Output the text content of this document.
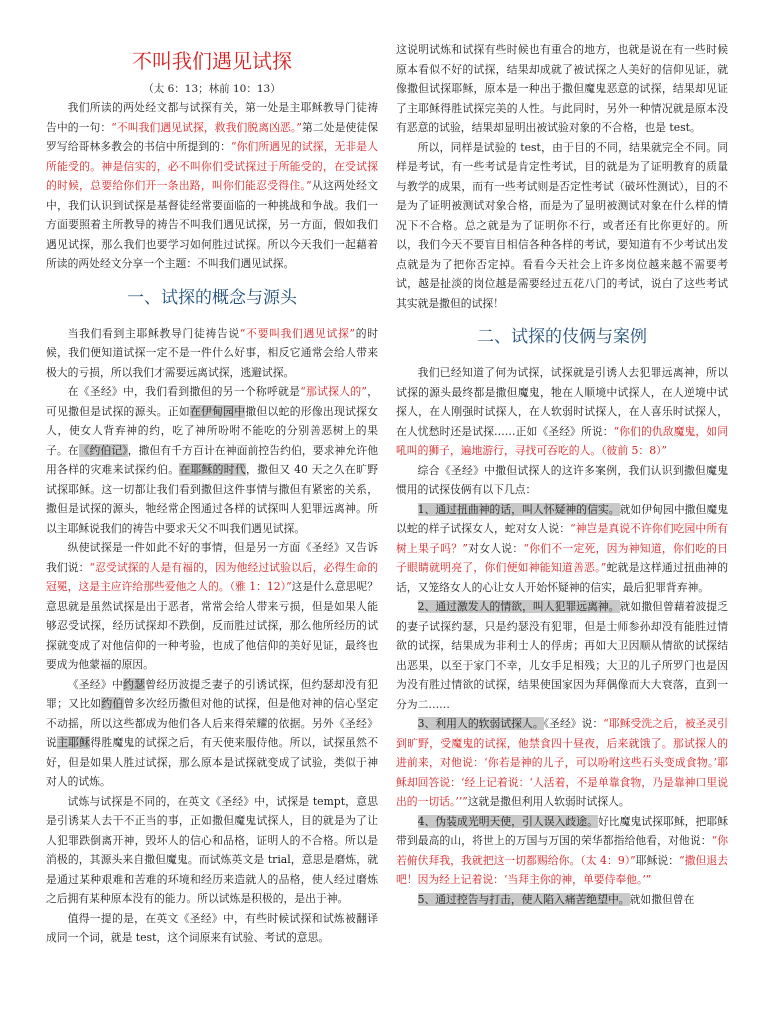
不叫我们遇见试探
（太 6：13；林前 10：13）

我们所读的两处经文都与试探有关，第一处是主耶稣教导门徒祷告中的一句：“不叫我们遇见试探，救我们脱离凶恶。”第二处是使徒保罗写给哥林多教会的书信中所提到的：“你们所遇见的试探，无非是人所能受的。神是信实的，必不叫你们受试探过于所能受的，在受试探的时候，总要给你们开一条出路，叫你们能忍受得住。”从这两处经文中，我们认识到试探是基督徒经常要面临的一种挑战和争战。我们一方面要照着主所教导的祷告不叫我们遇见试探，另一方面，假如我们遇见试探，那么我们也要学习如何胜过试探。所以今天我们一起藉着所读的两处经文分享一个主题：不叫我们遇见试探。

一、试探的概念与源头

当我们看到主耶稣教导门徒祷告说“不要叫我们遇见试探”的时候，我们便知道试探一定不是一件什么好事，相反它通常会给人带来极大的亏损，所以我们才需要远离试探，逃避试探。

在《圣经》中，我们看到撒但的另一个称呼就是“那试探人的”，可见撒但是试探的源头。正如在伊甸园中撒但以蛇的形像出现试探女人，使女人背弃神的约，吃了神所吩咐不能吃的分别善恶树上的果子。在《约伯记》，撒但有千方百计在神面前控告约伯，要求神允许他用各样的灾难来试探约伯。在耶稣的时代，撒但又 40 天之久在旷野试探耶稣。这一切都让我们看到撒但这件事情与撒但有紧密的关系，撒但是试探的源头，牠经常企图通过各样的试探叫人犯罪远离神。所以主耶稣说我们的祷告中要求天父不叫我们遇见试探。

纵使试探是一件如此不好的事情，但是另一方面《圣经》又告诉我们说：“忍受试探的人是有福的，因为他经过试验以后，必得生命的冠冕，这是主应许给那些爱他之人的。（雅 1：12）”这是什么意思呢？意思就是虽然试探是出于恶者，常常会给人带来亏损，但是如果人能够忍受试探，经历试探却不跌倒，反而胜过试探，那么他所经历的试探就变成了对他信仰的一种考验，也成了他信仰的美好见证，最终也要成为他蒙福的原因。

《圣经》中约瑟曾经历波提乏妻子的引诱试探，但约瑟却没有犯罪；又比如约伯曾多次经历撒但对他的试探，但是他对神的信心坚定不动摇，所以这些都成为他们各人后来得荣耀的依据。另外《圣经》说主耶稣得胜魔鬼的试探之后，有天使来服侍他。所以，试探虽然不好，但是如果人胜过试探，那么原本是试探就变成了试验，类似于神对人的试炼。

试炼与试探是不同的，在英文《圣经》中，试探是 tempt，意思是引诱某人去干不正当的事，正如撒但魔鬼试探人，目的就是为了让人犯罪跌倒离开神，毁坏人的信心和品格，证明人的不合格。所以是消极的，其源头来自撒但魔鬼。而试炼英文是 trial，意思是磨炼，就是通过某种艰难和苦难的环境和经历来造就人的品格，使人经过磨炼之后拥有某种原本没有的能力。所以试炼是积极的，是出于神。

值得一提的是，在英文《圣经》中，有些时候试探和试炼被翻译成同一个词，就是 test，这个词原来有试验、考试的意思。

这说明试炼和试探有些时候也有重合的地方，也就是说在有一些时候原本看似不好的试探，结果却成就了被试探之人美好的信仰见证，就像撒但试探耶稣，原本是一种出于撒但魔鬼恶意的试探，结果却见证了主耶稣得胜试探完美的人性。与此同时，另外一种情况就是原本没有恶意的试验，结果却显明出被试验对象的不合格，也是 test。

所以，同样是试验的 test，由于目的不同，结果就完全不同。同样是考试，有一些考试是肯定性考试，目的就是为了证明教育的质量与教学的成果，而有一些考试则是否定性考试（破坏性测试），目的不是为了证明被测试对象合格，而是为了显明被测试对象在什么样的情况下不合格。总之就是为了证明你不行，或者还有比你更好的。所以，我们今天不要盲目相信各种各样的考试，要知道有不少考试出发点就是为了把你否定掉。看看今天社会上许多岗位越来越不需要考试，越是扯淡的岗位越是需要经过五花八门的考试，说白了这些考试其实就是撒但的试探！

二、试探的伎俩与案例

我们已经知道了何为试探，试探就是引诱人去犯罪远离神，所以试探的源头最终都是撒但魔鬼，牠在人顺境中试探人，在人逆境中试探人，在人刚强时试探人，在人软弱时试探人，在人喜乐时试探人，在人忧愁时还是试探……正如《圣经》所说：“你们的仇敌魔鬼，如同吼叫的狮子，遍地游行，寻找可吞吃的人。（彼前 5：8）”

综合《圣经》中撒但试探人的这许多案例，我们认识到撒但魔鬼惯用的试探伎俩有以下几点：

1、通过扭曲神的话，叫人怀疑神的信实。就如伊甸园中撒但魔鬼以蛇的样子试探女人，蛇对女人说：“神岂是真说不许你们吃园中所有树上果子吗？”对女人说：“你们不一定死，因为神知道，你们吃的日子眼睛就明亮了，你们便如神能知道善恶。”蛇就是这样通过扭曲神的话，又笼络女人的心让女人开始怀疑神的信实，最后犯罪背弃神。

2、通过激发人的情欲，叫人犯罪远离神。就如撒但曾藉着波提乏的妻子试探约瑟，只是约瑟没有犯罪，但是士师参孙却没有能胜过情欲的试探，结果成为非利士人的俘虏；再如大卫因顺从情欲的试探结出恶果，以至于家门不幸，儿女手足相残；大卫的儿子所罗门也是因为没有胜过情欲的试探，结果使国家因为拜偶像而大大衰落，直到一分为二……

3、利用人的软弱试探人。《圣经》说：“耶稣受洗之后，被圣灵引到旷野，受魔鬼的试探，他禁食四十昼夜，后来就饿了。那试探人的进前来，对他说：‘你若是神的儿子，可以吩咐这些石头变成食物。’耶稣却回答说：‘经上记着说：‘人活着，不是单靠食物，乃是靠神口里说出的一切话。’’”这就是撒但利用人软弱时试探人。

4、伪装成光明天使，引人误入歧途。好比魔鬼试探耶稣，把耶稣带到最高的山，将世上的万国与万国的荣华都指给他看，对他说：“你若俯伏拜我，我就把这一切都赐给你。（太 4：9）”耶稣说：“撒但退去吧！因为经上记着说：‘当拜主你的神，单要侍奉他。’”

5、通过控告与打击，使人陷入痛苦绝望中。就如撒但曾在
